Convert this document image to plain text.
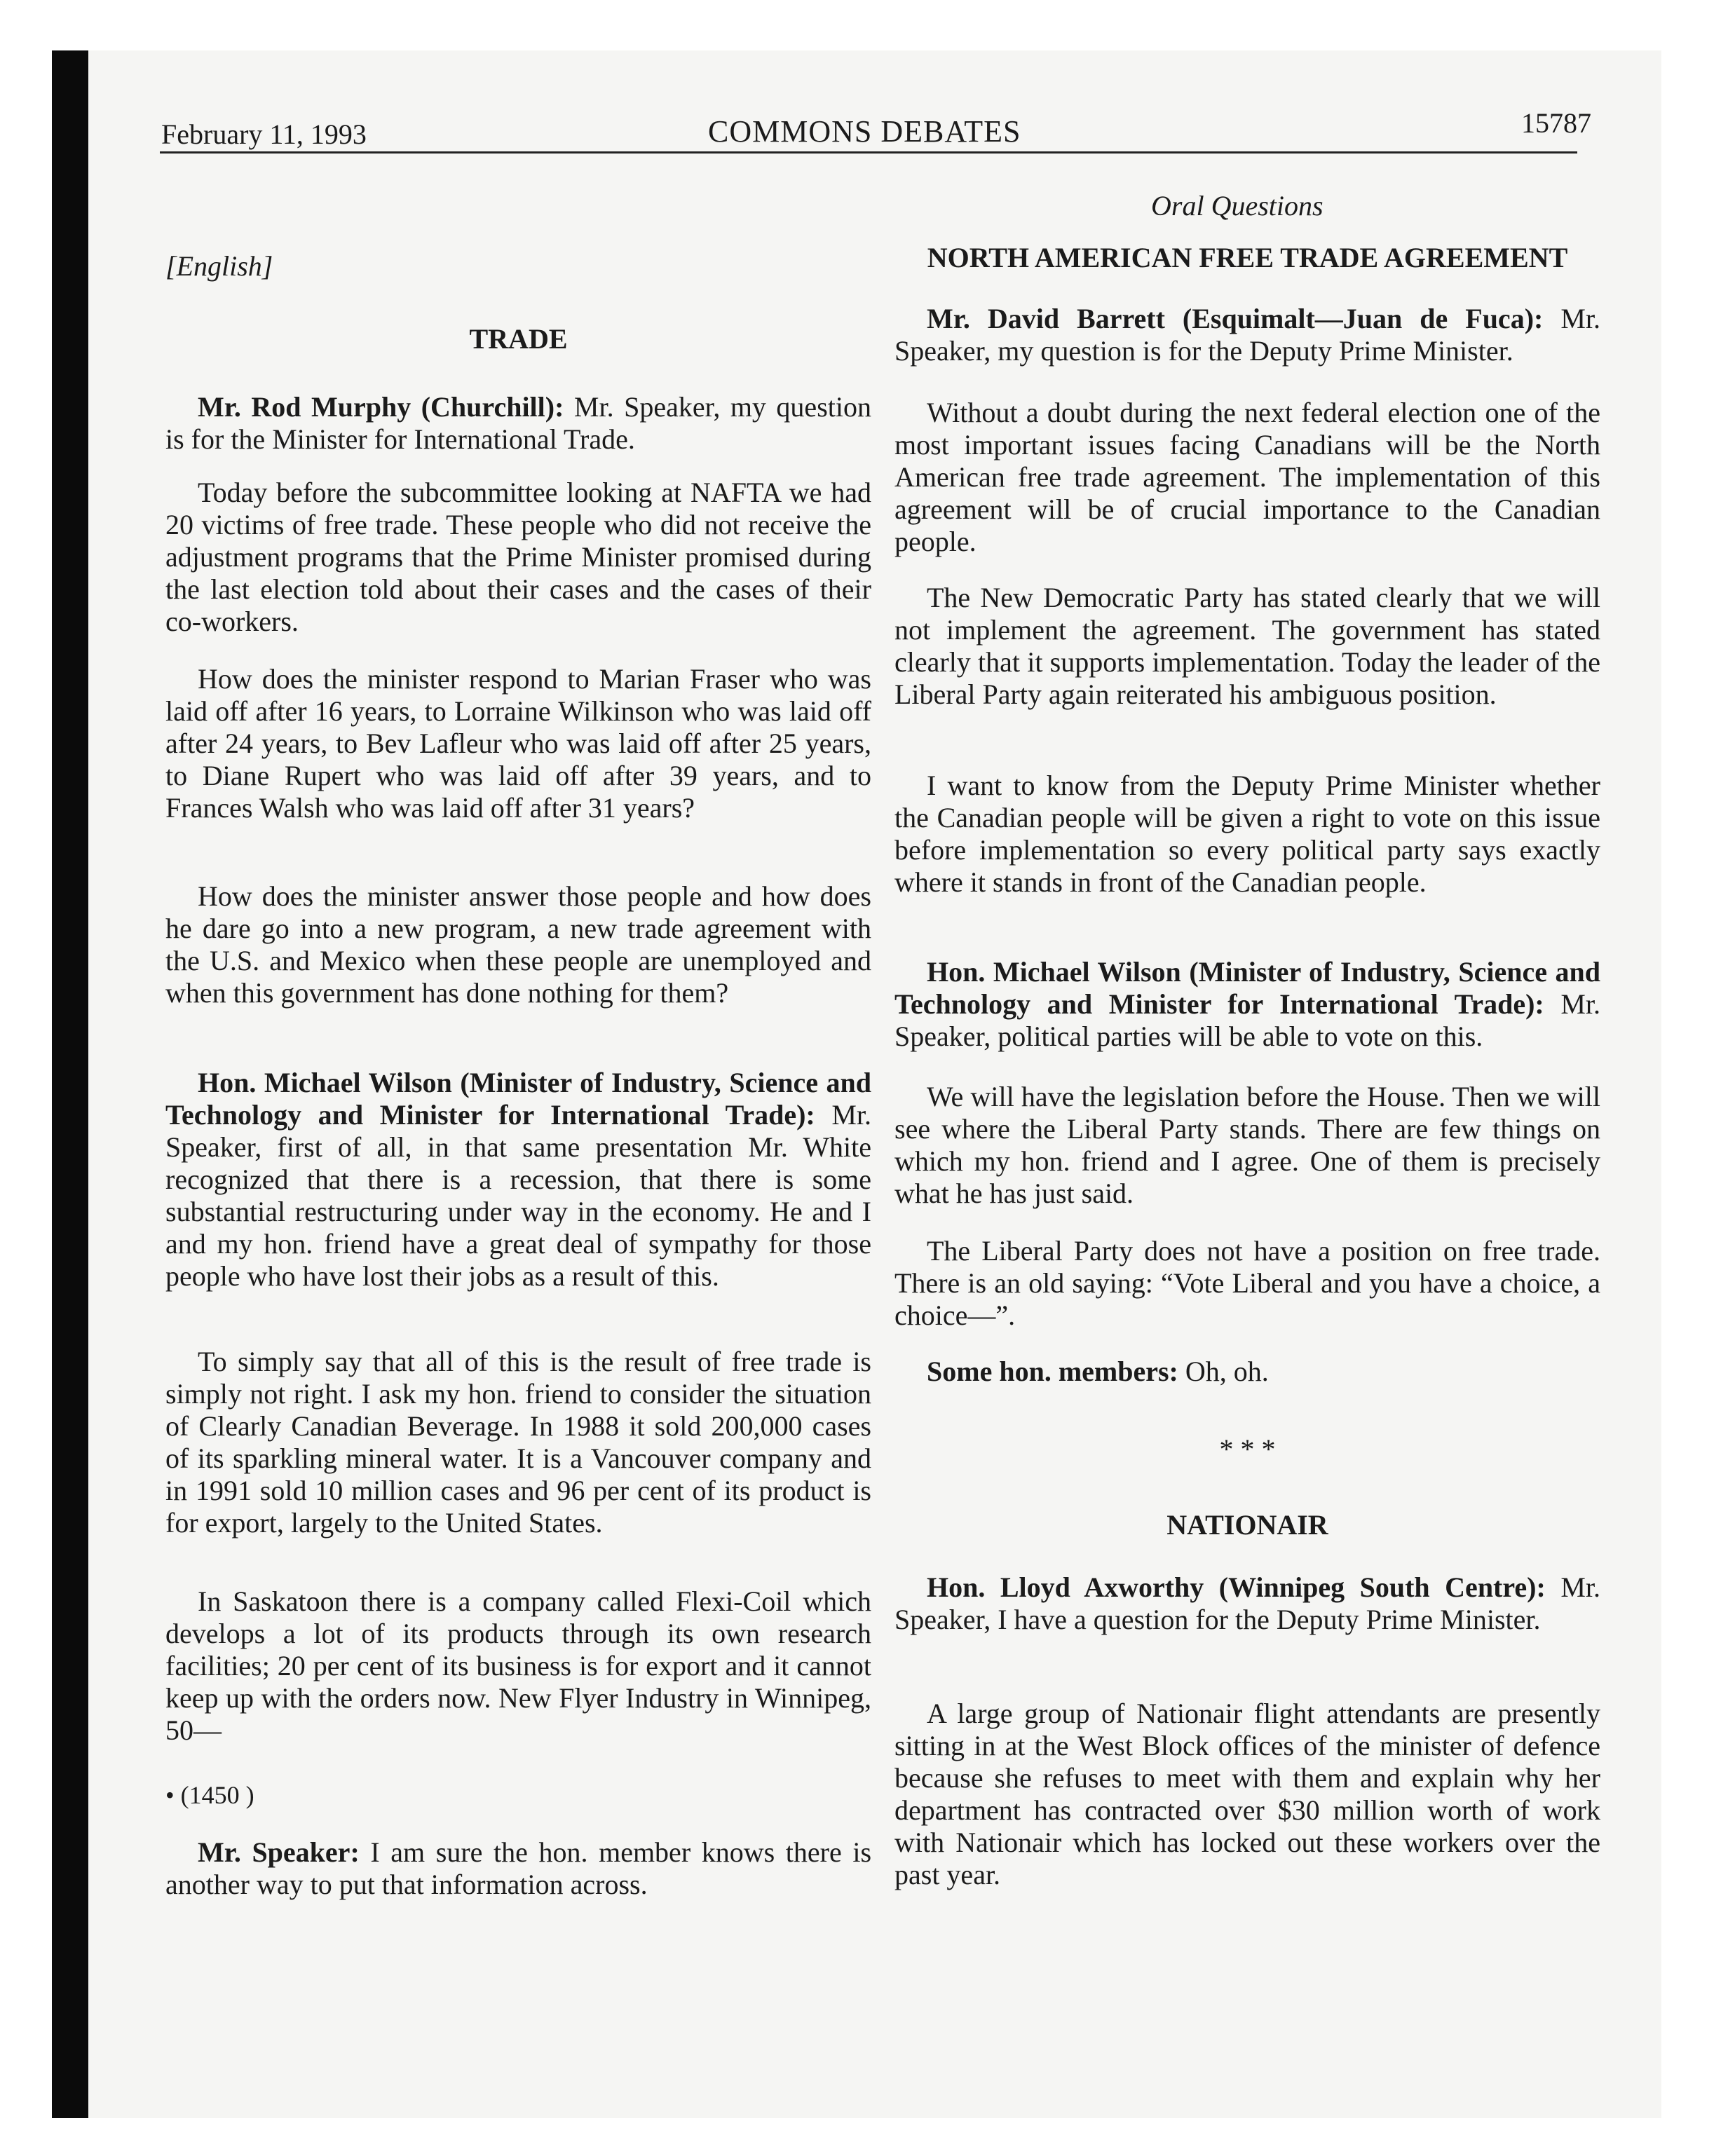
February 11, 1993	COMMONS DEBATES	15787
[English]
TRADE

Mr. Rod Murphy (Churchill): Mr. Speaker, my question is for the Minister for International Trade.

Today before the subcommittee looking at NAFTA we had 20 victims of free trade. These people who did not receive the adjustment programs that the Prime Minister promised during the last election told about their cases and the cases of their co-workers.

How does the minister respond to Marian Fraser who was laid off after 16 years, to Lorraine Wilkinson who was laid off after 24 years, to Bev Lafleur who was laid off after 25 years, to Diane Rupert who was laid off after 39 years, and to Frances Walsh who was laid off after 31 years?

How does the minister answer those people and how does he dare go into a new program, a new trade agreement with the U.S. and Mexico when these people are unemployed and when this government has done nothing for them?

Hon. Michael Wilson (Minister of Industry, Science and Technology and Minister for International Trade): Mr. Speaker, first of all, in that same presentation Mr. White recognized that there is a recession, that there is some substantial restructuring under way in the economy. He and I and my hon. friend have a great deal of sympathy for those people who have lost their jobs as a result of this.

To simply say that all of this is the result of free trade is simply not right. I ask my hon. friend to consider the situation of Clearly Canadian Beverage. In 1988 it sold 200,000 cases of its sparkling mineral water. It is a Vancouver company and in 1991 sold 10 million cases and 96 per cent of its product is for export, largely to the United States.

In Saskatoon there is a company called Flexi-Coil which develops a lot of its products through its own research facilities; 20 per cent of its business is for export and it cannot keep up with the orders now. New Flyer Industry in Winnipeg, 50—

• (1450 )

Mr. Speaker: I am sure the hon. member knows there is another way to put that information across.

Oral Questions
NORTH AMERICAN FREE TRADE AGREEMENT

Mr. David Barrett (Esquimalt—Juan de Fuca): Mr. Speaker, my question is for the Deputy Prime Minister.

Without a doubt during the next federal election one of the most important issues facing Canadians will be the North American free trade agreement. The implementation of this agreement will be of crucial importance to the Canadian people.

The New Democratic Party has stated clearly that we will not implement the agreement. The government has stated clearly that it supports implementation. Today the leader of the Liberal Party again reiterated his ambiguous position.

I want to know from the Deputy Prime Minister whether the Canadian people will be given a right to vote on this issue before implementation so every political party says exactly where it stands in front of the Canadian people.

Hon. Michael Wilson (Minister of Industry, Science and Technology and Minister for International Trade): Mr. Speaker, political parties will be able to vote on this.

We will have the legislation before the House. Then we will see where the Liberal Party stands. There are few things on which my hon. friend and I agree. One of them is precisely what he has just said.

The Liberal Party does not have a position on free trade. There is an old saying: “Vote Liberal and you have a choice, a choice—”.

Some hon. members: Oh, oh.

* * *
NATIONAIR

Hon. Lloyd Axworthy (Winnipeg South Centre): Mr. Speaker, I have a question for the Deputy Prime Minister.

A large group of Nationair flight attendants are presently sitting in at the West Block offices of the minister of defence because she refuses to meet with them and explain why her department has contracted over $30 million worth of work with Nationair which has locked out these workers over the past year.
